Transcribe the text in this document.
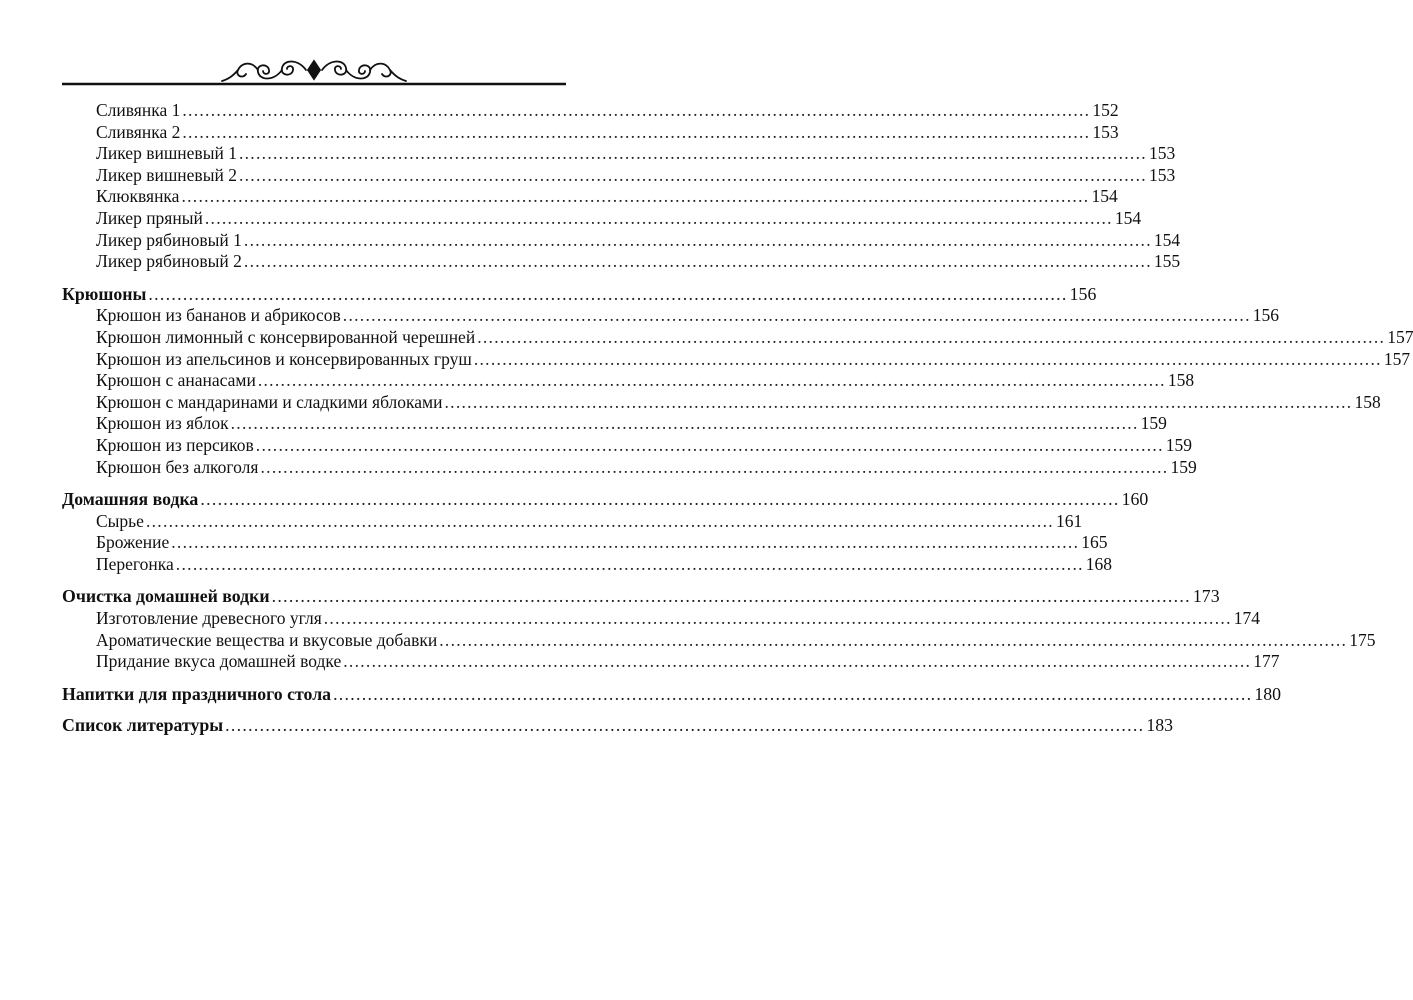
Сливянка 1 ................................................................................................................................................................ 152
Сливянка 2 ................................................................................................................................................................ 153
Ликер вишневый 1 ................................................................................................................................................................ 153
Ликер вишневый 2 ................................................................................................................................................................ 153
Клюквянка ................................................................................................................................................................ 154
Ликер пряный ................................................................................................................................................................ 154
Ликер рябиновый 1 ................................................................................................................................................................ 154
Ликер рябиновый 2 ................................................................................................................................................................ 155
Крюшоны ................................................................................................................................................................ 156
Крюшон из бананов и абрикосов ................................................................................................................................................................ 156
Крюшон лимонный с консервированной черешней ................................................................................................................................................................ 157
Крюшон из апельсинов и консервированных груш ................................................................................................................................................................ 157
Крюшон с ананасами ................................................................................................................................................................ 158
Крюшон с мандаринами и сладкими яблоками ................................................................................................................................................................ 158
Крюшон из яблок ................................................................................................................................................................ 159
Крюшон из персиков ................................................................................................................................................................ 159
Крюшон без алкоголя ................................................................................................................................................................ 159
Домашняя водка ................................................................................................................................................................ 160
Сырье ................................................................................................................................................................ 161
Брожение ................................................................................................................................................................ 165
Перегонка ................................................................................................................................................................ 168
Очистка домашней водки ................................................................................................................................................................ 173
Изготовление древесного угля ................................................................................................................................................................ 174
Ароматические вещества и вкусовые добавки ................................................................................................................................................................ 175
Придание вкуса домашней водке ................................................................................................................................................................ 177
Напитки для праздничного стола ................................................................................................................................................................ 180
Список литературы ................................................................................................................................................................ 183
